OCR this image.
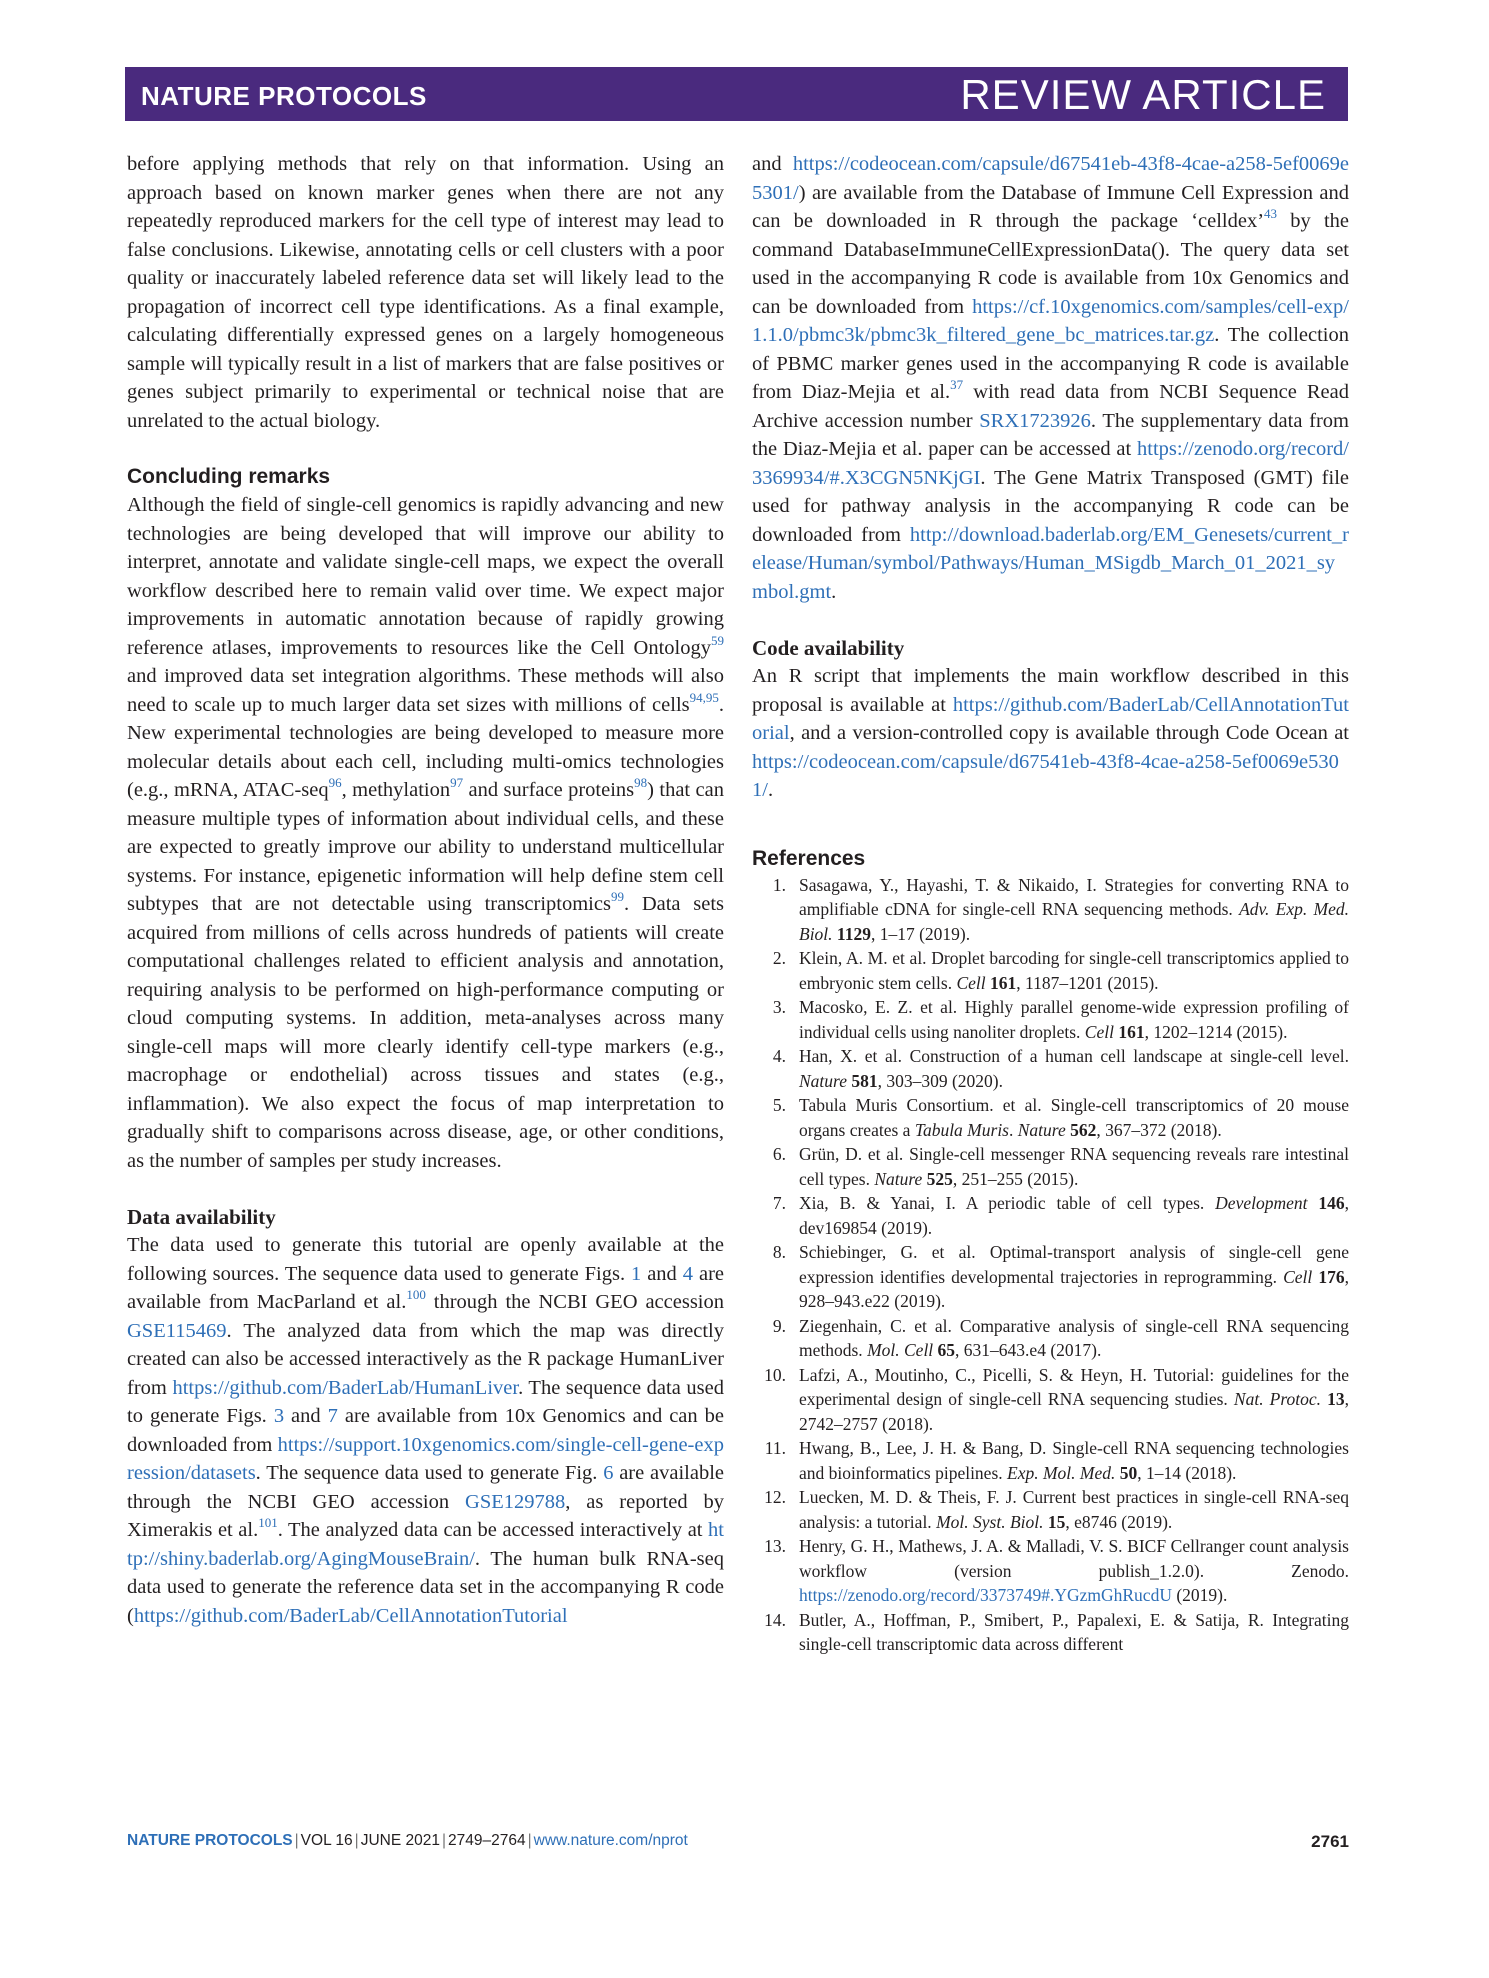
NATURE PROTOCOLS	REVIEW ARTICLE

before applying methods that rely on that information. Using an approach based on known marker genes when there are not any repeatedly reproduced markers for the cell type of interest may lead to false conclusions. Likewise, annotating cells or cell clusters with a poor quality or inaccurately labeled reference data set will likely lead to the propagation of incorrect cell type identifications. As a final example, calculating differentially expressed genes on a largely homogeneous sample will typically result in a list of markers that are false positives or genes subject primarily to experimental or technical noise that are unrelated to the actual biology.

Concluding remarks

Although the field of single-cell genomics is rapidly advancing and new technologies are being developed that will improve our ability to interpret, annotate and validate single-cell maps, we expect the overall workflow described here to remain valid over time. We expect major improvements in automatic annotation because of rapidly growing reference atlases, improvements to resources like the Cell Ontology$^{59}$ and improved data set integration algorithms. These methods will also need to scale up to much larger data set sizes with millions of cells$^{94,95}$. New experimental technologies are being developed to measure more molecular details about each cell, including multi-omics technologies (e.g., mRNA, ATAC-seq$^{96}$, methylation$^{97}$ and surface proteins$^{98}$) that can measure multiple types of information about individual cells, and these are expected to greatly improve our ability to understand multicellular systems. For instance, epigenetic information will help define stem cell subtypes that are not detectable using transcriptomics$^{99}$. Data sets acquired from millions of cells across hundreds of patients will create computational challenges related to efficient analysis and annotation, requiring analysis to be performed on high-performance computing or cloud computing systems. In addition, meta-analyses across many single-cell maps will more clearly identify cell-type markers (e.g., macrophage or endothelial) across tissues and states (e.g., inflammation). We also expect the focus of map interpretation to gradually shift to comparisons across disease, age, or other conditions, as the number of samples per study increases.

Data availability

The data used to generate this tutorial are openly available at the following sources. The sequence data used to generate Figs. 1 and 4 are available from MacParland et al.$^{100}$ through the NCBI GEO accession GSE115469. The analyzed data from which the map was directly created can also be accessed interactively as the R package HumanLiver from https://github.com/BaderLab/HumanLiver. The sequence data used to generate Figs. 3 and 7 are available from 10x Genomics and can be downloaded from https://support.10xgenomics.com/single-cell-gene-expression/datasets. The sequence data used to generate Fig. 6 are available through the NCBI GEO accession GSE129788, as reported by Ximerakis et al.$^{101}$. The analyzed data can be accessed interactively at http://shiny.baderlab.org/AgingMouseBrain/. The human bulk RNA-seq data used to generate the reference data set in the accompanying R code (https://github.com/BaderLab/CellAnnotationTutorial

and https://codeocean.com/capsule/d67541eb-43f8-4cae-a258-5ef0069e5301/) are available from the Database of Immune Cell Expression and can be downloaded in R through the package ‘celldex’$^{43}$ by the command DatabaseImmuneCellExpressionData(). The query data set used in the accompanying R code is available from 10x Genomics and can be downloaded from https://cf.10xgenomics.com/samples/cell-exp/1.1.0/pbmc3k/pbmc3k_filtered_gene_bc_matrices.tar.gz. The collection of PBMC marker genes used in the accompanying R code is available from Diaz-Mejia et al.$^{37}$ with read data from NCBI Sequence Read Archive accession number SRX1723926. The supplementary data from the Diaz-Mejia et al. paper can be accessed at https://zenodo.org/record/3369934/#.X3CGN5NKjGI. The Gene Matrix Transposed (GMT) file used for pathway analysis in the accompanying R code can be downloaded from http://download.baderlab.org/EM_Genesets/current_release/Human/symbol/Pathways/Human_MSigdb_March_01_2021_symbol.gmt.

Code availability

An R script that implements the main workflow described in this proposal is available at https://github.com/BaderLab/CellAnnotationTutorial, and a version-controlled copy is available through Code Ocean at https://codeocean.com/capsule/d67541eb-43f8-4cae-a258-5ef0069e5301/.

References
1. Sasagawa, Y., Hayashi, T. & Nikaido, I. Strategies for converting RNA to amplifiable cDNA for single-cell RNA sequencing methods. Adv. Exp. Med. Biol. 1129, 1–17 (2019).
2. Klein, A. M. et al. Droplet barcoding for single-cell transcriptomics applied to embryonic stem cells. Cell 161, 1187–1201 (2015).
3. Macosko, E. Z. et al. Highly parallel genome-wide expression profiling of individual cells using nanoliter droplets. Cell 161, 1202–1214 (2015).
4. Han, X. et al. Construction of a human cell landscape at single-cell level. Nature 581, 303–309 (2020).
5. Tabula Muris Consortium. et al. Single-cell transcriptomics of 20 mouse organs creates a Tabula Muris. Nature 562, 367–372 (2018).
6. Grün, D. et al. Single-cell messenger RNA sequencing reveals rare intestinal cell types. Nature 525, 251–255 (2015).
7. Xia, B. & Yanai, I. A periodic table of cell types. Development 146, dev169854 (2019).
8. Schiebinger, G. et al. Optimal-transport analysis of single-cell gene expression identifies developmental trajectories in reprogramming. Cell 176, 928–943.e22 (2019).
9. Ziegenhain, C. et al. Comparative analysis of single-cell RNA sequencing methods. Mol. Cell 65, 631–643.e4 (2017).
10. Lafzi, A., Moutinho, C., Picelli, S. & Heyn, H. Tutorial: guidelines for the experimental design of single-cell RNA sequencing studies. Nat. Protoc. 13, 2742–2757 (2018).
11. Hwang, B., Lee, J. H. & Bang, D. Single-cell RNA sequencing technologies and bioinformatics pipelines. Exp. Mol. Med. 50, 1–14 (2018).
12. Luecken, M. D. & Theis, F. J. Current best practices in single-cell RNA-seq analysis: a tutorial. Mol. Syst. Biol. 15, e8746 (2019).
13. Henry, G. H., Mathews, J. A. & Malladi, V. S. BICF Cellranger count analysis workflow (version publish_1.2.0). Zenodo. https://zenodo.org/record/3373749#.YGzmGhRucdU (2019).
14. Butler, A., Hoffman, P., Smibert, P., Papalexi, E. & Satija, R. Integrating single-cell transcriptomic data across different
NATURE PROTOCOLS | VOL 16 | JUNE 2021 | 2749–2764 | www.nature.com/nprot	2761
